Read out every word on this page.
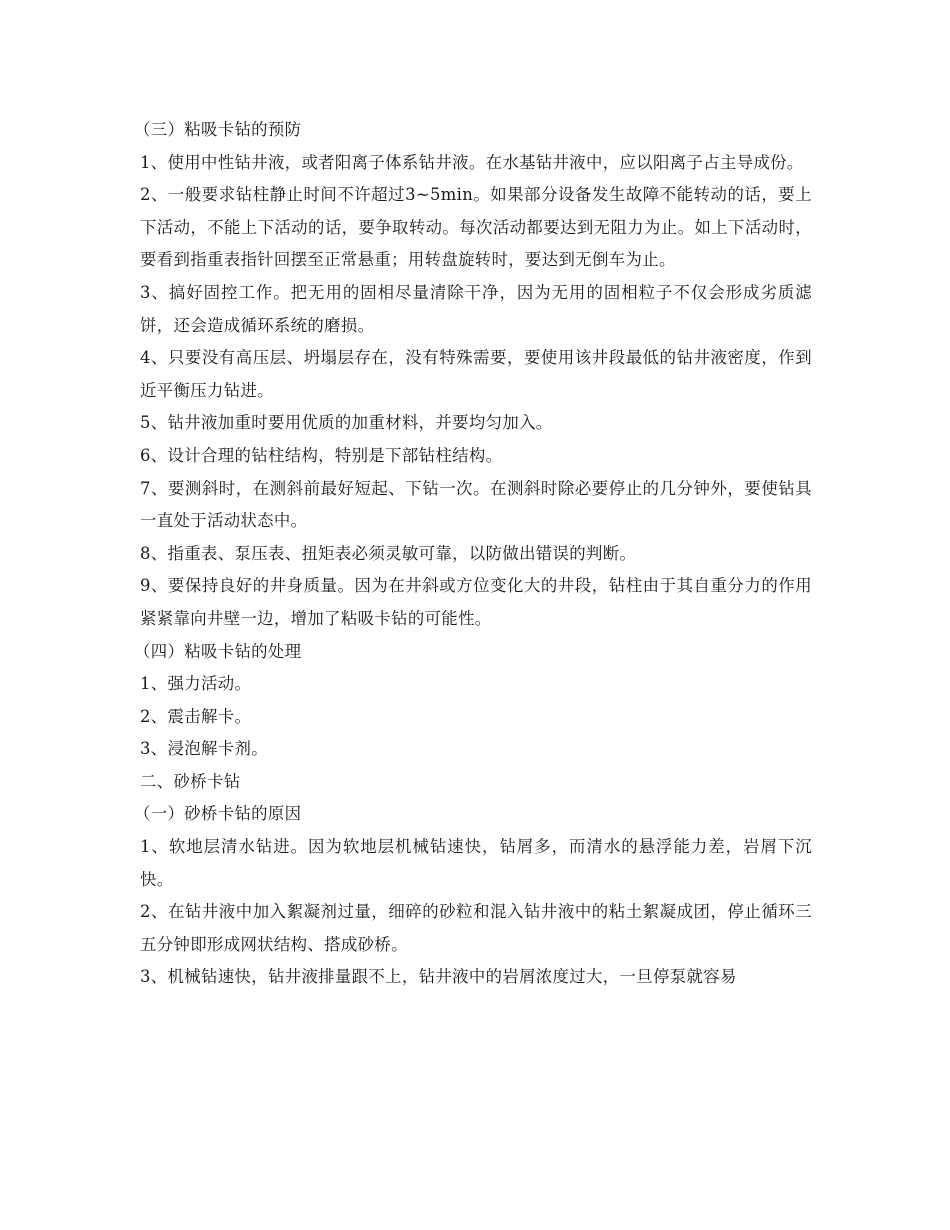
（三）粘吸卡钻的预防

1、使用中性钻井液，或者阳离子体系钻井液。在水基钻井液中，应以阳离子占主导成份。

2、一般要求钻柱静止时间不许超过3~5min。如果部分设备发生故障不能转动的话，要上下活动，不能上下活动的话，要争取转动。每次活动都要达到无阻力为止。如上下活动时，要看到指重表指针回摆至正常悬重；用转盘旋转时，要达到无倒车为止。

3、搞好固控工作。把无用的固相尽量清除干净，因为无用的固相粒子不仅会形成劣质滤饼，还会造成循环系统的磨损。

4、只要没有高压层、坍塌层存在，没有特殊需要，要使用该井段最低的钻井液密度，作到近平衡压力钻进。

5、钻井液加重时要用优质的加重材料，并要均匀加入。

6、设计合理的钻柱结构，特别是下部钻柱结构。

7、要测斜时，在测斜前最好短起、下钻一次。在测斜时除必要停止的几分钟外，要使钻具一直处于活动状态中。

8、指重表、泵压表、扭矩表必须灵敏可靠，以防做出错误的判断。

9、要保持良好的井身质量。因为在井斜或方位变化大的井段，钻柱由于其自重分力的作用紧紧靠向井壁一边，增加了粘吸卡钻的可能性。

（四）粘吸卡钻的处理

1、强力活动。

2、震击解卡。

3、浸泡解卡剂。

二、砂桥卡钻

（一）砂桥卡钻的原因

1、软地层清水钻进。因为软地层机械钻速快，钻屑多，而清水的悬浮能力差，岩屑下沉快。

2、在钻井液中加入絮凝剂过量，细碎的砂粒和混入钻井液中的粘土絮凝成团，停止循环三五分钟即形成网状结构、搭成砂桥。

3、机械钻速快，钻井液排量跟不上，钻井液中的岩屑浓度过大，一旦停泵就容易
